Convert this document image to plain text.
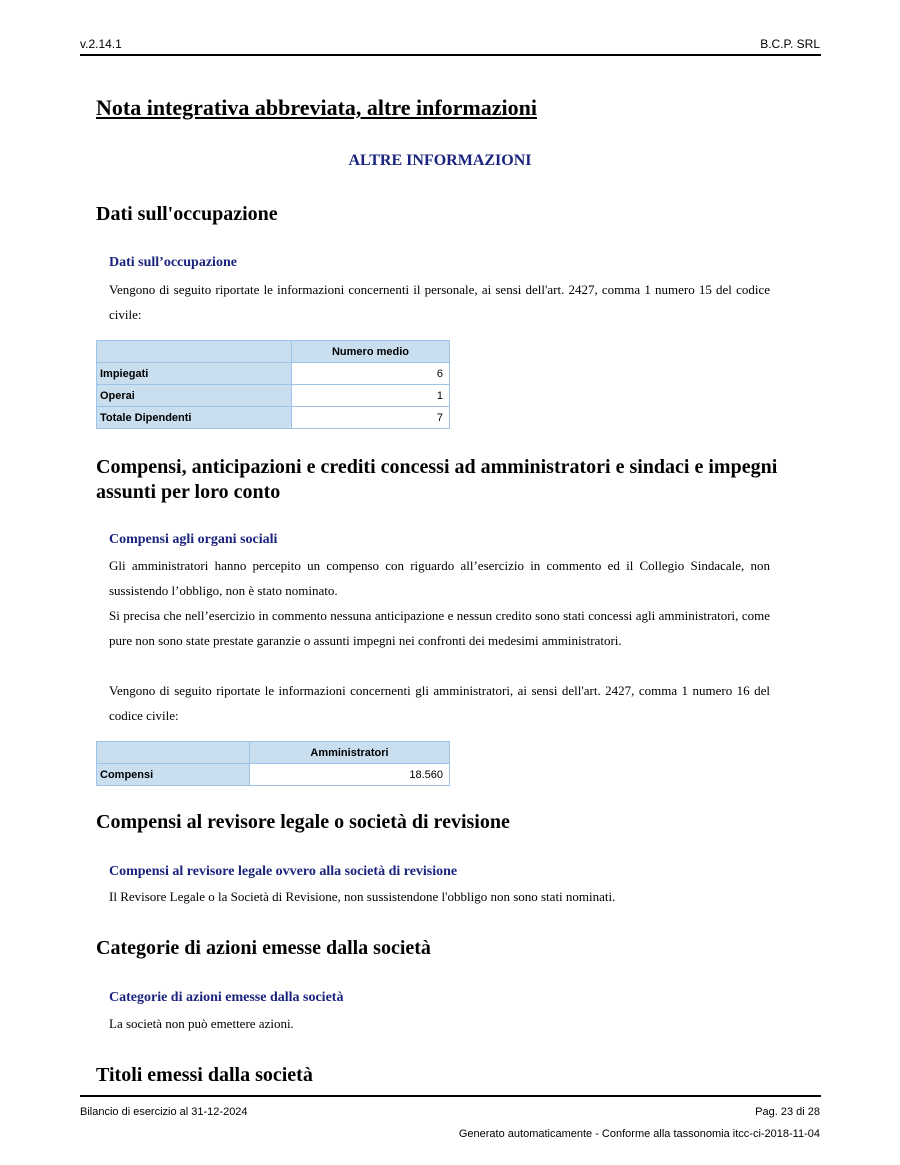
v.2.14.1	B.C.P. SRL
Nota integrativa abbreviata, altre informazioni
ALTRE INFORMAZIONI
Dati sull'occupazione
Dati sull’occupazione
Vengono di seguito riportate le informazioni concernenti il personale, ai sensi dell'art. 2427, comma 1 numero 15 del codice civile:
	Numero medio
Impiegati	6
Operai	1
Totale Dipendenti	7
Compensi, anticipazioni e crediti concessi ad amministratori e sindaci e impegni assunti per loro conto
Compensi agli organi sociali
Gli amministratori hanno percepito un compenso con riguardo all’esercizio in commento ed il Collegio Sindacale, non sussistendo l’obbligo, non è stato nominato.
Si precisa che nell’esercizio in commento nessuna anticipazione e nessun credito sono stati concessi agli amministratori, come pure non sono state prestate garanzie o assunti impegni nei confronti dei medesimi amministratori.
Vengono di seguito riportate le informazioni concernenti gli amministratori, ai sensi dell'art. 2427, comma 1 numero 16 del codice civile:
	Amministratori
Compensi	18.560
Compensi al revisore legale o società di revisione
Compensi al revisore legale ovvero alla società di revisione
Il Revisore Legale o la Società di Revisione, non sussistendone l'obbligo non sono stati nominati.
Categorie di azioni emesse dalla società
Categorie di azioni emesse dalla società
La società non può emettere azioni.
Titoli emessi dalla società
Bilancio di esercizio al 31-12-2024	Pag. 23 di 28
Generato automaticamente - Conforme alla tassonomia itcc-ci-2018-11-04
